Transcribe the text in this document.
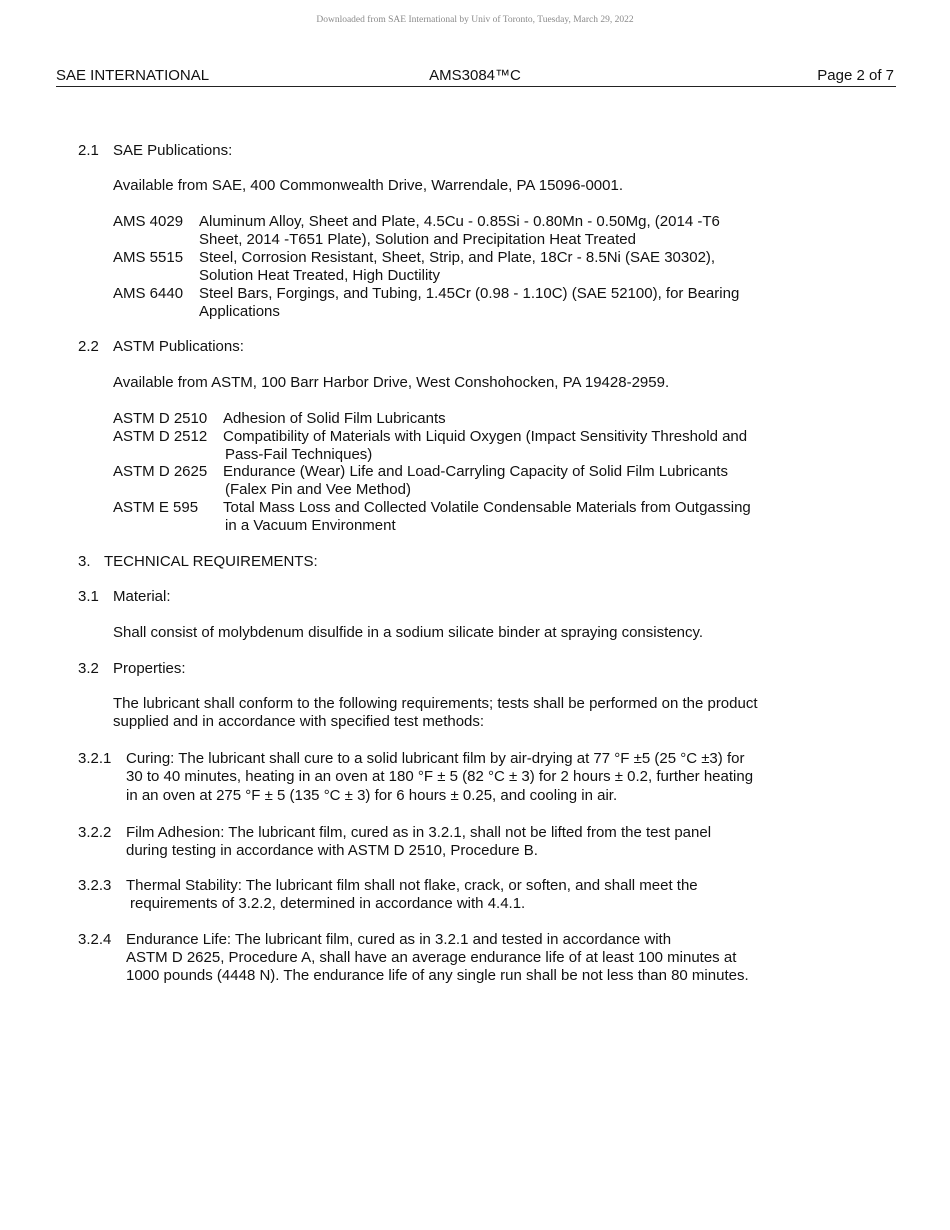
Downloaded from SAE International by Univ of Toronto, Tuesday, March 29, 2022
SAE INTERNATIONAL	AMS3084™C	Page 2 of 7
2.1 SAE Publications:
Available from SAE, 400 Commonwealth Drive, Warrendale, PA 15096-0001.
AMS 4029 Aluminum Alloy, Sheet and Plate, 4.5Cu - 0.85Si - 0.80Mn - 0.50Mg, (2014 -T6
Sheet, 2014 -T651 Plate), Solution and Precipitation Heat Treated
AMS 5515 Steel, Corrosion Resistant, Sheet, Strip, and Plate, 18Cr - 8.5Ni (SAE 30302),
Solution Heat Treated, High Ductility
AMS 6440 Steel Bars, Forgings, and Tubing, 1.45Cr (0.98 - 1.10C) (SAE 52100), for Bearing
Applications
2.2 ASTM Publications:
Available from ASTM, 100 Barr Harbor Drive, West Conshohocken, PA 19428-2959.
ASTM D 2510 Adhesion of Solid Film Lubricants
ASTM D 2512 Compatibility of Materials with Liquid Oxygen (Impact Sensitivity Threshold and
Pass-Fail Techniques)
ASTM D 2625 Endurance (Wear) Life and Load-Carryling Capacity of Solid Film Lubricants
(Falex Pin and Vee Method)
ASTM E 595 Total Mass Loss and Collected Volatile Condensable Materials from Outgassing
in a Vacuum Environment
3. TECHNICAL REQUIREMENTS:
3.1 Material:
Shall consist of molybdenum disulfide in a sodium silicate binder at spraying consistency.
3.2 Properties:
The lubricant shall conform to the following requirements; tests shall be performed on the product
supplied and in accordance with specified test methods:
3.2.1 Curing: The lubricant shall cure to a solid lubricant film by air-drying at 77 °F ±5 (25 °C ±3) for
30 to 40 minutes, heating in an oven at 180 °F ± 5 (82 °C ± 3) for 2 hours ± 0.2, further heating
in an oven at 275 °F ± 5 (135 °C ± 3) for 6 hours ± 0.25, and cooling in air.
3.2.2 Film Adhesion: The lubricant film, cured as in 3.2.1, shall not be lifted from the test panel
during testing in accordance with ASTM D 2510, Procedure B.
3.2.3 Thermal Stability: The lubricant film shall not flake, crack, or soften, and shall meet the
requirements of 3.2.2, determined in accordance with 4.4.1.
3.2.4 Endurance Life: The lubricant film, cured as in 3.2.1 and tested in accordance with
ASTM D 2625, Procedure A, shall have an average endurance life of at least 100 minutes at
1000 pounds (4448 N). The endurance life of any single run shall be not less than 80 minutes.
